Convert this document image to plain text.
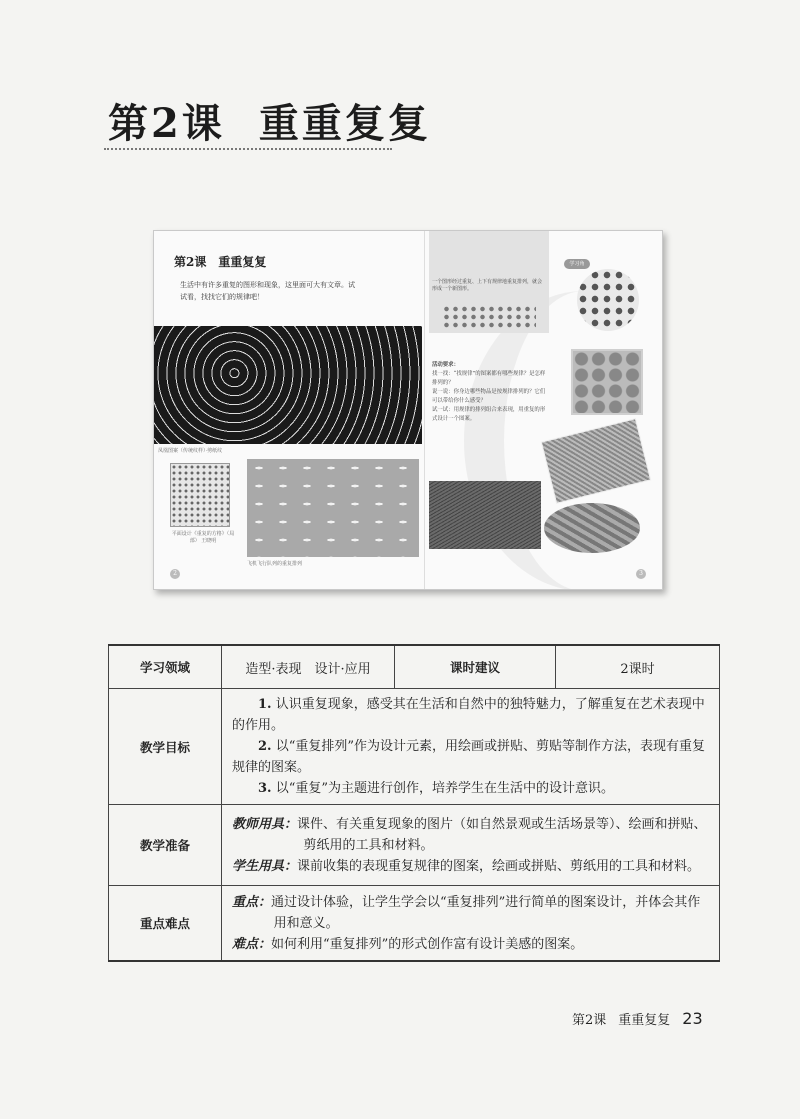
第2课 重重复复
第2课 重重复复
生活中有许多重复的图形和现象，这里面可大有文章。试试看，找找它们的规律吧！
凤凰图案（传统纹样）·剪纸纹
平面设计《重复的方格》（局部） 王晓明
飞机飞行队列的重复排列
2	3
一个图形经过重复、上下有规律地重复排列，就会形成一个新图形。
学习角
活动要求：
找一找：“找规律”的图案都有哪些规律？是怎样排列的？
说一说：你身边哪些物品是按规律排列的？它们可以带给你什么感受？
试一试：用规律的排列组合来表现，用重复的形式设计一个图案。
学习领域	造型·表现　设计·应用	课时建议	2课时
教学目标	1. 认识重复现象，感受其在生活和自然中的独特魅力，了解重复在艺术表现中的作用。

2. 以“重复排列”作为设计元素，用绘画或拼贴、剪贴等制作方法，表现有重复规律的图案。

3. 以“重复”为主题进行创作，培养学生在生活中的设计意识。		

教学准备	教师用具：课件、有关重复现象的图片（如自然景观或生活场景等）、绘画和拼贴、剪纸用的工具和材料。

学生用具：课前收集的表现重复规律的图案，绘画或拼贴、剪纸用的工具和材料。		

重点难点	重点：通过设计体验，让学生学会以“重复排列”进行简单的图案设计，并体会其作用和意义。

难点：如何利用“重复排列”的形式创作富有设计美感的图案。		

第2课 重重复复 23
